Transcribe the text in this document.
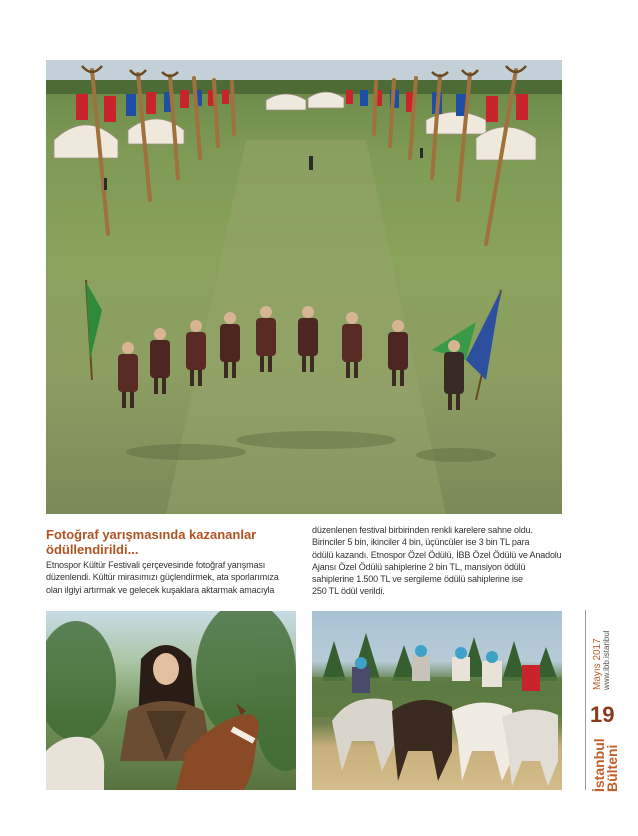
Fotoğraf yarışmasında kazananlar
ödüllendirildi...
Etnospor Kültür Festivali çerçevesinde fotoğraf yarışması
düzenlendi. Kültür mirasımızı güçlendirmek, ata sporlarımıza
olan ilgiyi artırmak ve gelecek kuşaklara aktarmak amacıyla
düzenlenen festival birbirinden renkli karelere sahne oldu.
Birinciler 5 bin, ikinciler 4 bin, üçüncüler ise 3 bin TL para
ödülü kazandı. Etnospor Özel Ödülü, İBB Özel Ödülü ve Anadolu
Ajansı Özel Ödülü sahiplerine 2 bin TL, mansiyon ödülü
sahiplerine 1.500 TL ve sergileme ödülü sahiplerine ise
250 TL ödül verildi.
İstanbul
Bülteni
19
Mayıs 2017 www.ibb.istanbul
